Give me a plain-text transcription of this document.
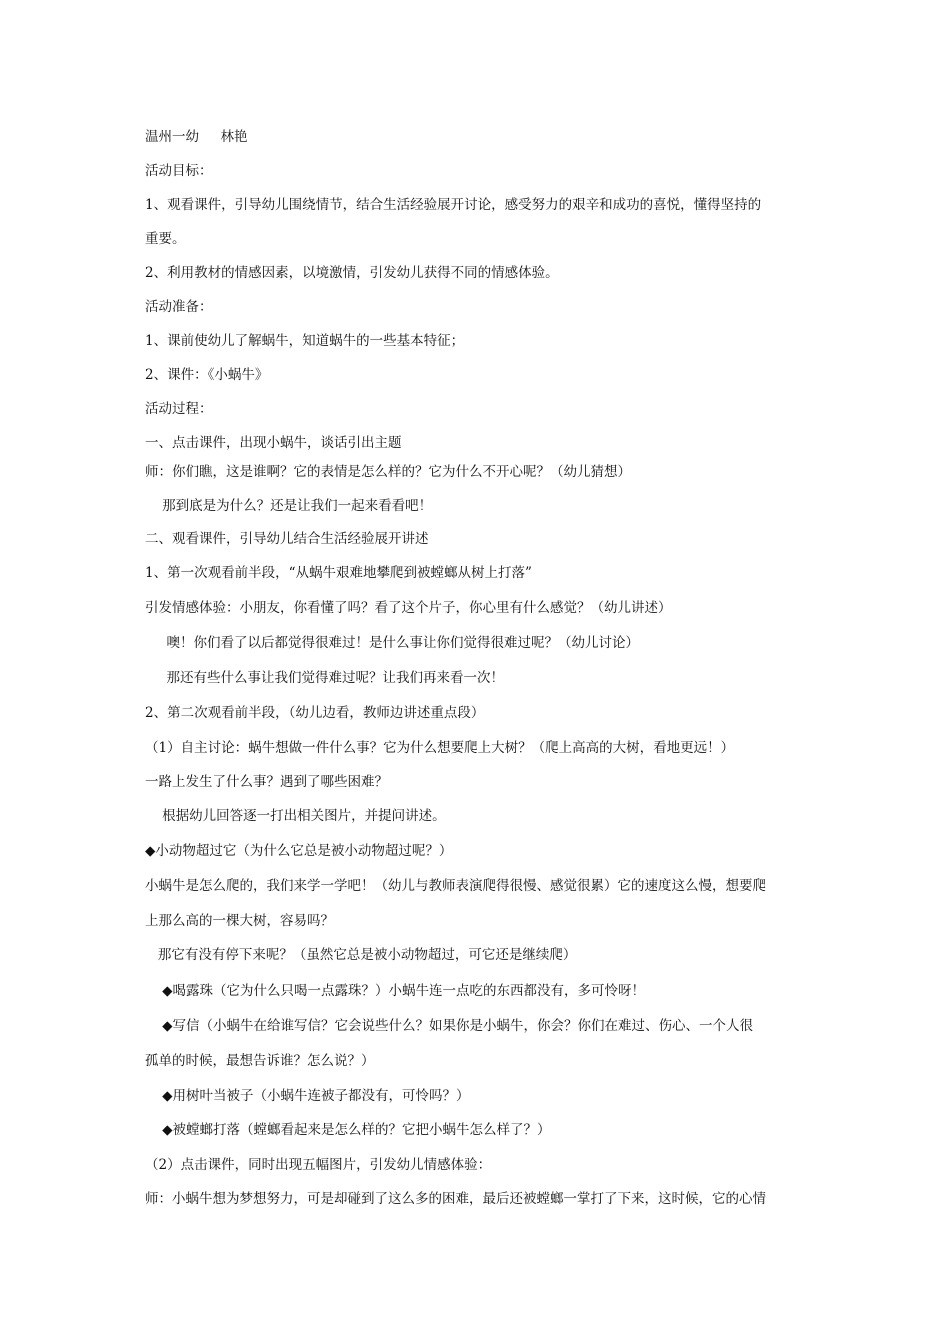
温州一幼     林艳
活动目标：
1、观看课件，引导幼儿围绕情节，结合生活经验展开讨论，感受努力的艰辛和成功的喜悦，懂得坚持的
重要。
2、利用教材的情感因素，以境激情，引发幼儿获得不同的情感体验。
活动准备：
1、课前使幼儿了解蜗牛，知道蜗牛的一些基本特征；
2、课件：《小蜗牛》
活动过程：
一、点击课件，出现小蜗牛，谈话引出主题
师：你们瞧，这是谁啊？它的表情是怎么样的？它为什么不开心呢？（幼儿猜想）
那到底是为什么？还是让我们一起来看看吧！
二、观看课件，引导幼儿结合生活经验展开讲述
1、第一次观看前半段，“从蜗牛艰难地攀爬到被螳螂从树上打落”
引发情感体验：小朋友，你看懂了吗？看了这个片子，你心里有什么感觉？（幼儿讲述）
噢！你们看了以后都觉得很难过！是什么事让你们觉得很难过呢？（幼儿讨论）
那还有些什么事让我们觉得难过呢？让我们再来看一次！
2、第二次观看前半段，（幼儿边看，教师边讲述重点段）
（1）自主讨论：蜗牛想做一件什么事？它为什么想要爬上大树？（爬上高高的大树，看地更远！）
一路上发生了什么事？遇到了哪些困难？
根据幼儿回答逐一打出相关图片，并提问讲述。
◆小动物超过它（为什么它总是被小动物超过呢？）
小蜗牛是怎么爬的，我们来学一学吧！（幼儿与教师表演爬得很慢、感觉很累）它的速度这么慢，想要爬
上那么高的一棵大树，容易吗？
那它有没有停下来呢？（虽然它总是被小动物超过，可它还是继续爬）
◆喝露珠（它为什么只喝一点露珠？）小蜗牛连一点吃的东西都没有，多可怜呀！
◆写信（小蜗牛在给谁写信？它会说些什么？如果你是小蜗牛，你会？你们在难过、伤心、一个人很
孤单的时候，最想告诉谁？怎么说？）
◆用树叶当被子（小蜗牛连被子都没有，可怜吗？）
◆被螳螂打落（螳螂看起来是怎么样的？它把小蜗牛怎么样了？）
（2）点击课件，同时出现五幅图片，引发幼儿情感体验：
师：小蜗牛想为梦想努力，可是却碰到了这么多的困难，最后还被螳螂一掌打了下来，这时候，它的心情
